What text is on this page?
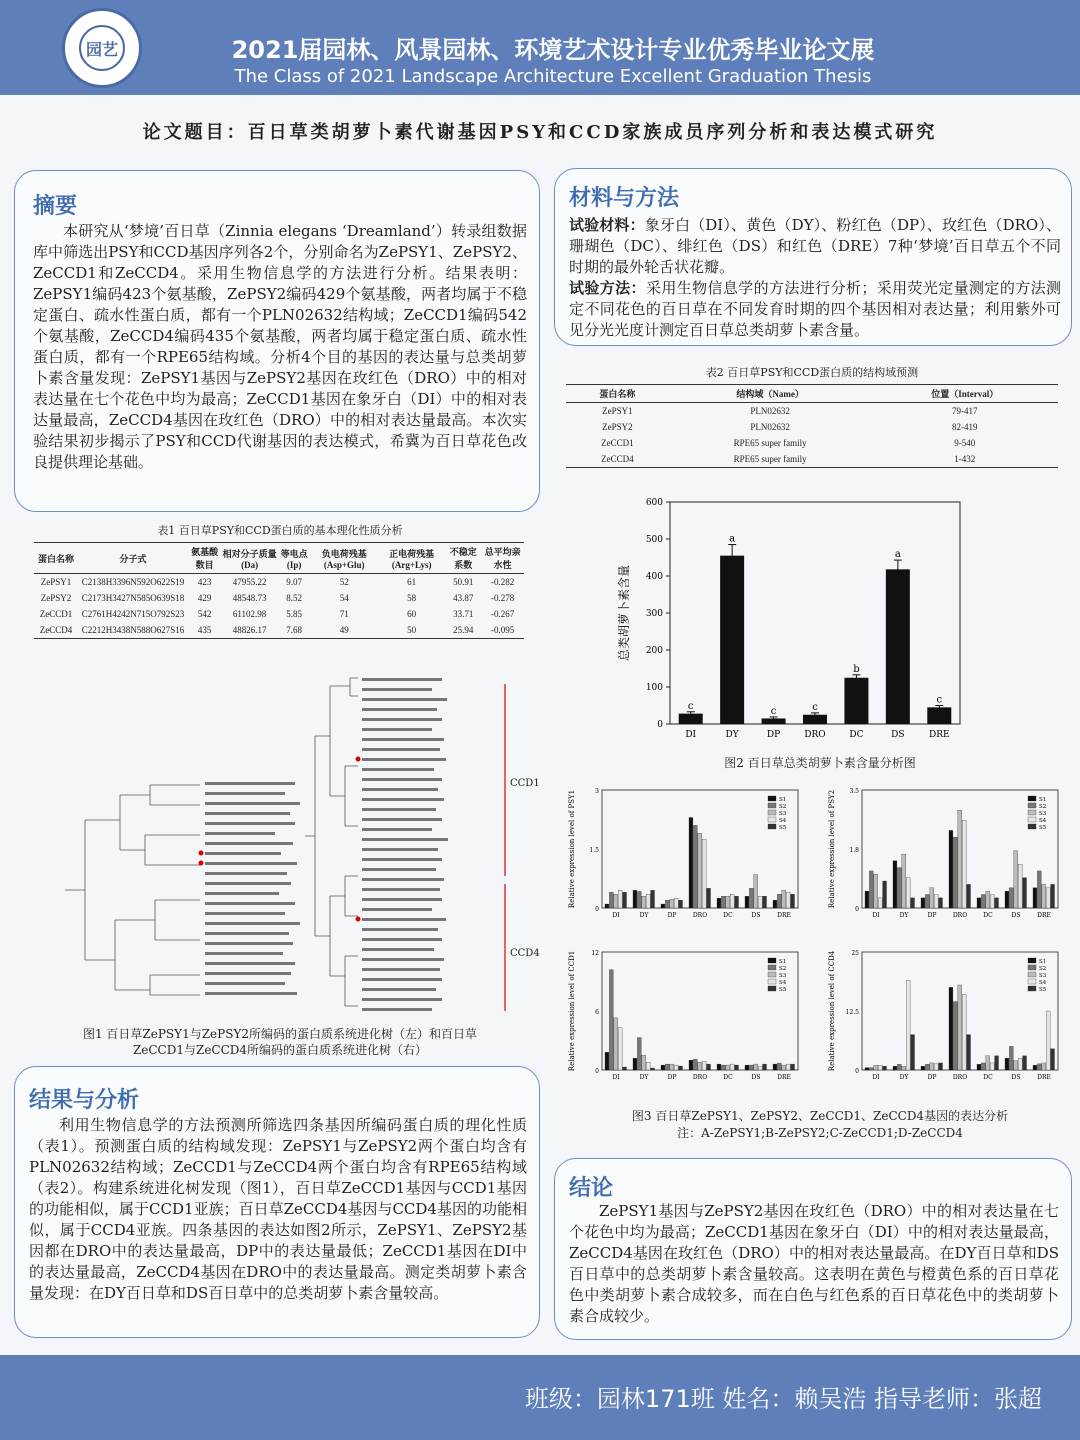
园艺	2021届园林、风景园林、环境艺术设计专业优秀毕业论文展
The Class of 2021 Landscape Architecture Excellent Graduation Thesis
论文题目：百日草类胡萝卜素代谢基因PSY和CCD家族成员序列分析和表达模式研究
摘要
本研究从‘梦境’百日草（Zinnia elegans ‘Dreamland’）转录组数据库中筛选出PSY和CCD基因序列各2个，分别命名为ZePSY1、ZePSY2、ZeCCD1和ZeCCD4。采用生物信息学的方法进行分析。结果表明：ZePSY1编码423个氨基酸，ZePSY2编码429个氨基酸，两者均属于不稳定蛋白、疏水性蛋白质，都有一个PLN02632结构域；ZeCCD1编码542个氨基酸，ZeCCD4编码435个氨基酸，两者均属于稳定蛋白质、疏水性蛋白质，都有一个RPE65结构域。分析4个目的基因的表达量与总类胡萝卜素含量发现：ZePSY1基因与ZePSY2基因在玫红色（DRO）中的相对表达量在七个花色中均为最高；ZeCCD1基因在象牙白（DI）中的相对表达量最高，ZeCCD4基因在玫红色（DRO）中的相对表达量最高。本次实验结果初步揭示了PSY和CCD代谢基因的表达模式，希冀为百日草花色改良提供理论基础。
材料与方法
试验材料：象牙白（DI）、黄色（DY）、粉红色（DP）、玫红色（DRO）、珊瑚色（DC）、绯红色（DS）和红色（DRE）7种‘梦境’百日草五个不同时期的最外轮舌状花瓣。
试验方法：采用生物信息学的方法进行分析；采用荧光定量测定的方法测定不同花色的百日草在不同发育时期的四个基因相对表达量；利用紫外可见分光光度计测定百日草总类胡萝卜素含量。
表2 百日草PSY和CCD蛋白质的结构域预测
蛋白名称	结构域（Name）	位置（Interval）
ZePSY1	PLN02632	79-417
ZePSY2	PLN02632	82-419
ZeCCD1	RPE65 super family	9-540
ZeCCD4	RPE65 super family	1-432
表1 百日草PSY和CCD蛋白质的基本理化性质分析
蛋白名称	分子式	氨基酸数目	相对分子质量(Da)	等电点(Ip)	负电荷残基(Asp+Glu)	正电荷残基(Arg+Lys)	不稳定系数	总平均亲水性
ZePSY1	C2138H3396N592O622S19	423	47955.22	9.07	52	61	50.91	-0.282
ZePSY2	C2173H3427N585O639S18	429	48548.73	8.52	54	58	43.87	-0.278
ZeCCD1	C2761H4242N715O792S23	542	61102.98	5.85	71	60	33.71	-0.267
ZeCCD4	C2212H3438N588O627S16	435	48826.17	7.68	49	50	25.94	-0.095
CCD1
CCD4
图1 百日草ZePSY1与ZePSY2所编码的蛋白质系统进化树（左）和百日草
ZeCCD1与ZeCCD4所编码的蛋白质系统进化树（右）
0
100
200
300
400
500
600
总类胡萝卜素含量
c
DI
a
DY
c
DP
c
DRO
b
DC
a
DS
c
DRE
图2 百日草总类胡萝卜素含量分析图
0
1.5
3
Relative expression level of PSY1
DI	DY	DP	DRO	DC	DS	DRE
S1
S2
S3
S4
S5
0
1.8
3.5
Relative expression level of PSY2
DI	DY	DP	DRO	DC	DS	DRE
S1
S2
S3
S4
S5
0
6
12
Relative expression level of CCD1
DI	DY	DP	DRO	DC	DS	DRE
S1
S2
S3
S4
S5
0
12.5
25
Relative expression level of CCD4
DI	DY	DP	DRO	DC	DS	DRE
S1
S2
S3
S4
S5
图3 百日草ZePSY1、ZePSY2、ZeCCD1、ZeCCD4基因的表达分析
注：A-ZePSY1;B-ZePSY2;C-ZeCCD1;D-ZeCCD4
结果与分析
利用生物信息学的方法预测所筛选四条基因所编码蛋白质的理化性质（表1）。预测蛋白质的结构域发现：ZePSY1与ZePSY2两个蛋白均含有PLN02632结构域；ZeCCD1与ZeCCD4两个蛋白均含有RPE65结构域（表2）。构建系统进化树发现（图1），百日草ZeCCD1基因与CCD1基因的功能相似，属于CCD1亚族；百日草ZeCCD4基因与CCD4基因的功能相似，属于CCD4亚族。四条基因的表达如图2所示，ZePSY1、ZePSY2基因都在DRO中的表达量最高，DP中的表达量最低；ZeCCD1基因在DI中的表达量最高，ZeCCD4基因在DRO中的表达量最高。测定类胡萝卜素含量发现：在DY百日草和DS百日草中的总类胡萝卜素含量较高。
结论
ZePSY1基因与ZePSY2基因在玫红色（DRO）中的相对表达量在七个花色中均为最高；ZeCCD1基因在象牙白（DI）中的相对表达量最高，ZeCCD4基因在玫红色（DRO）中的相对表达量最高。在DY百日草和DS百日草中的总类胡萝卜素含量较高。这表明在黄色与橙黄色系的百日草花色中类胡萝卜素合成较多，而在白色与红色系的百日草花色中的类胡萝卜素合成较少。
班级：园林171班 姓名：赖吴浩 指导老师：张超
